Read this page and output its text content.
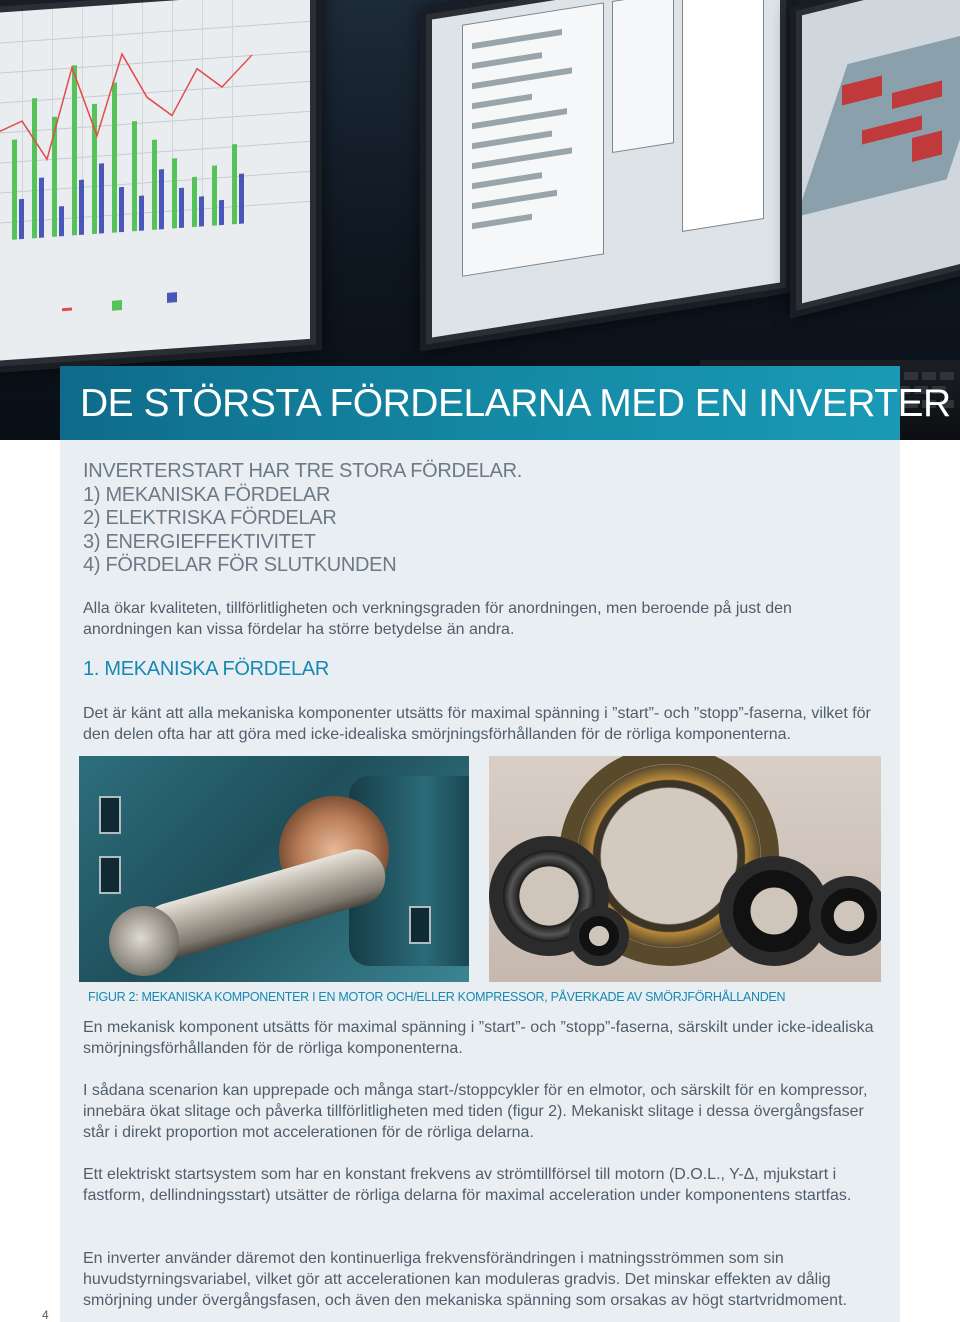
DE STÖRSTA FÖRDELARNA MED EN INVERTER
INVERTERSTART HAR TRE STORA FÖRDELAR.
1) MEKANISKA FÖRDELAR
2) ELEKTRISKA FÖRDELAR
3) ENERGIEFFEKTIVITET
4) FÖRDELAR FÖR SLUTKUNDEN
Alla ökar kvaliteten, tillförlitligheten och verkningsgraden för anordningen, men beroende på just den anordningen kan vissa fördelar ha större betydelse än andra.
1. MEKANISKA FÖRDELAR
Det är känt att alla mekaniska komponenter utsätts för maximal spänning i ”start”- och ”stopp”-faserna, vilket för den delen ofta har att göra med icke-idealiska smörjningsförhållanden för de rörliga komponenterna.
FIGUR 2: MEKANISKA KOMPONENTER I EN MOTOR OCH/ELLER KOMPRESSOR, PÅVERKADE AV SMÖRJFÖRHÅLLANDEN
En mekanisk komponent utsätts för maximal spänning i ”start”- och ”stopp”-faserna, särskilt under icke-idealiska smörjningsförhållanden för de rörliga komponenterna.
I sådana scenarion kan upprepade och många start-/stoppcykler för en elmotor, och särskilt för en kompressor, innebära ökat slitage och påverka tillförlitligheten med tiden (figur 2). Mekaniskt slitage i dessa övergångsfaser står i direkt proportion mot accelerationen för de rörliga delarna.
Ett elektriskt startsystem som har en konstant frekvens av strömtillförsel till motorn (D.O.L., Y-Δ, mjukstart i fastform, dellindningsstart) utsätter de rörliga delarna för maximal acceleration under komponentens startfas.
En inverter använder däremot den kontinuerliga frekvensförändringen i matningsströmmen som sin huvudstyrningsvariabel, vilket gör att accelerationen kan moduleras gradvis. Det minskar effekten av dålig smörjning under övergångsfasen, och även den mekaniska spänning som orsakas av högt startvridmoment.
4
